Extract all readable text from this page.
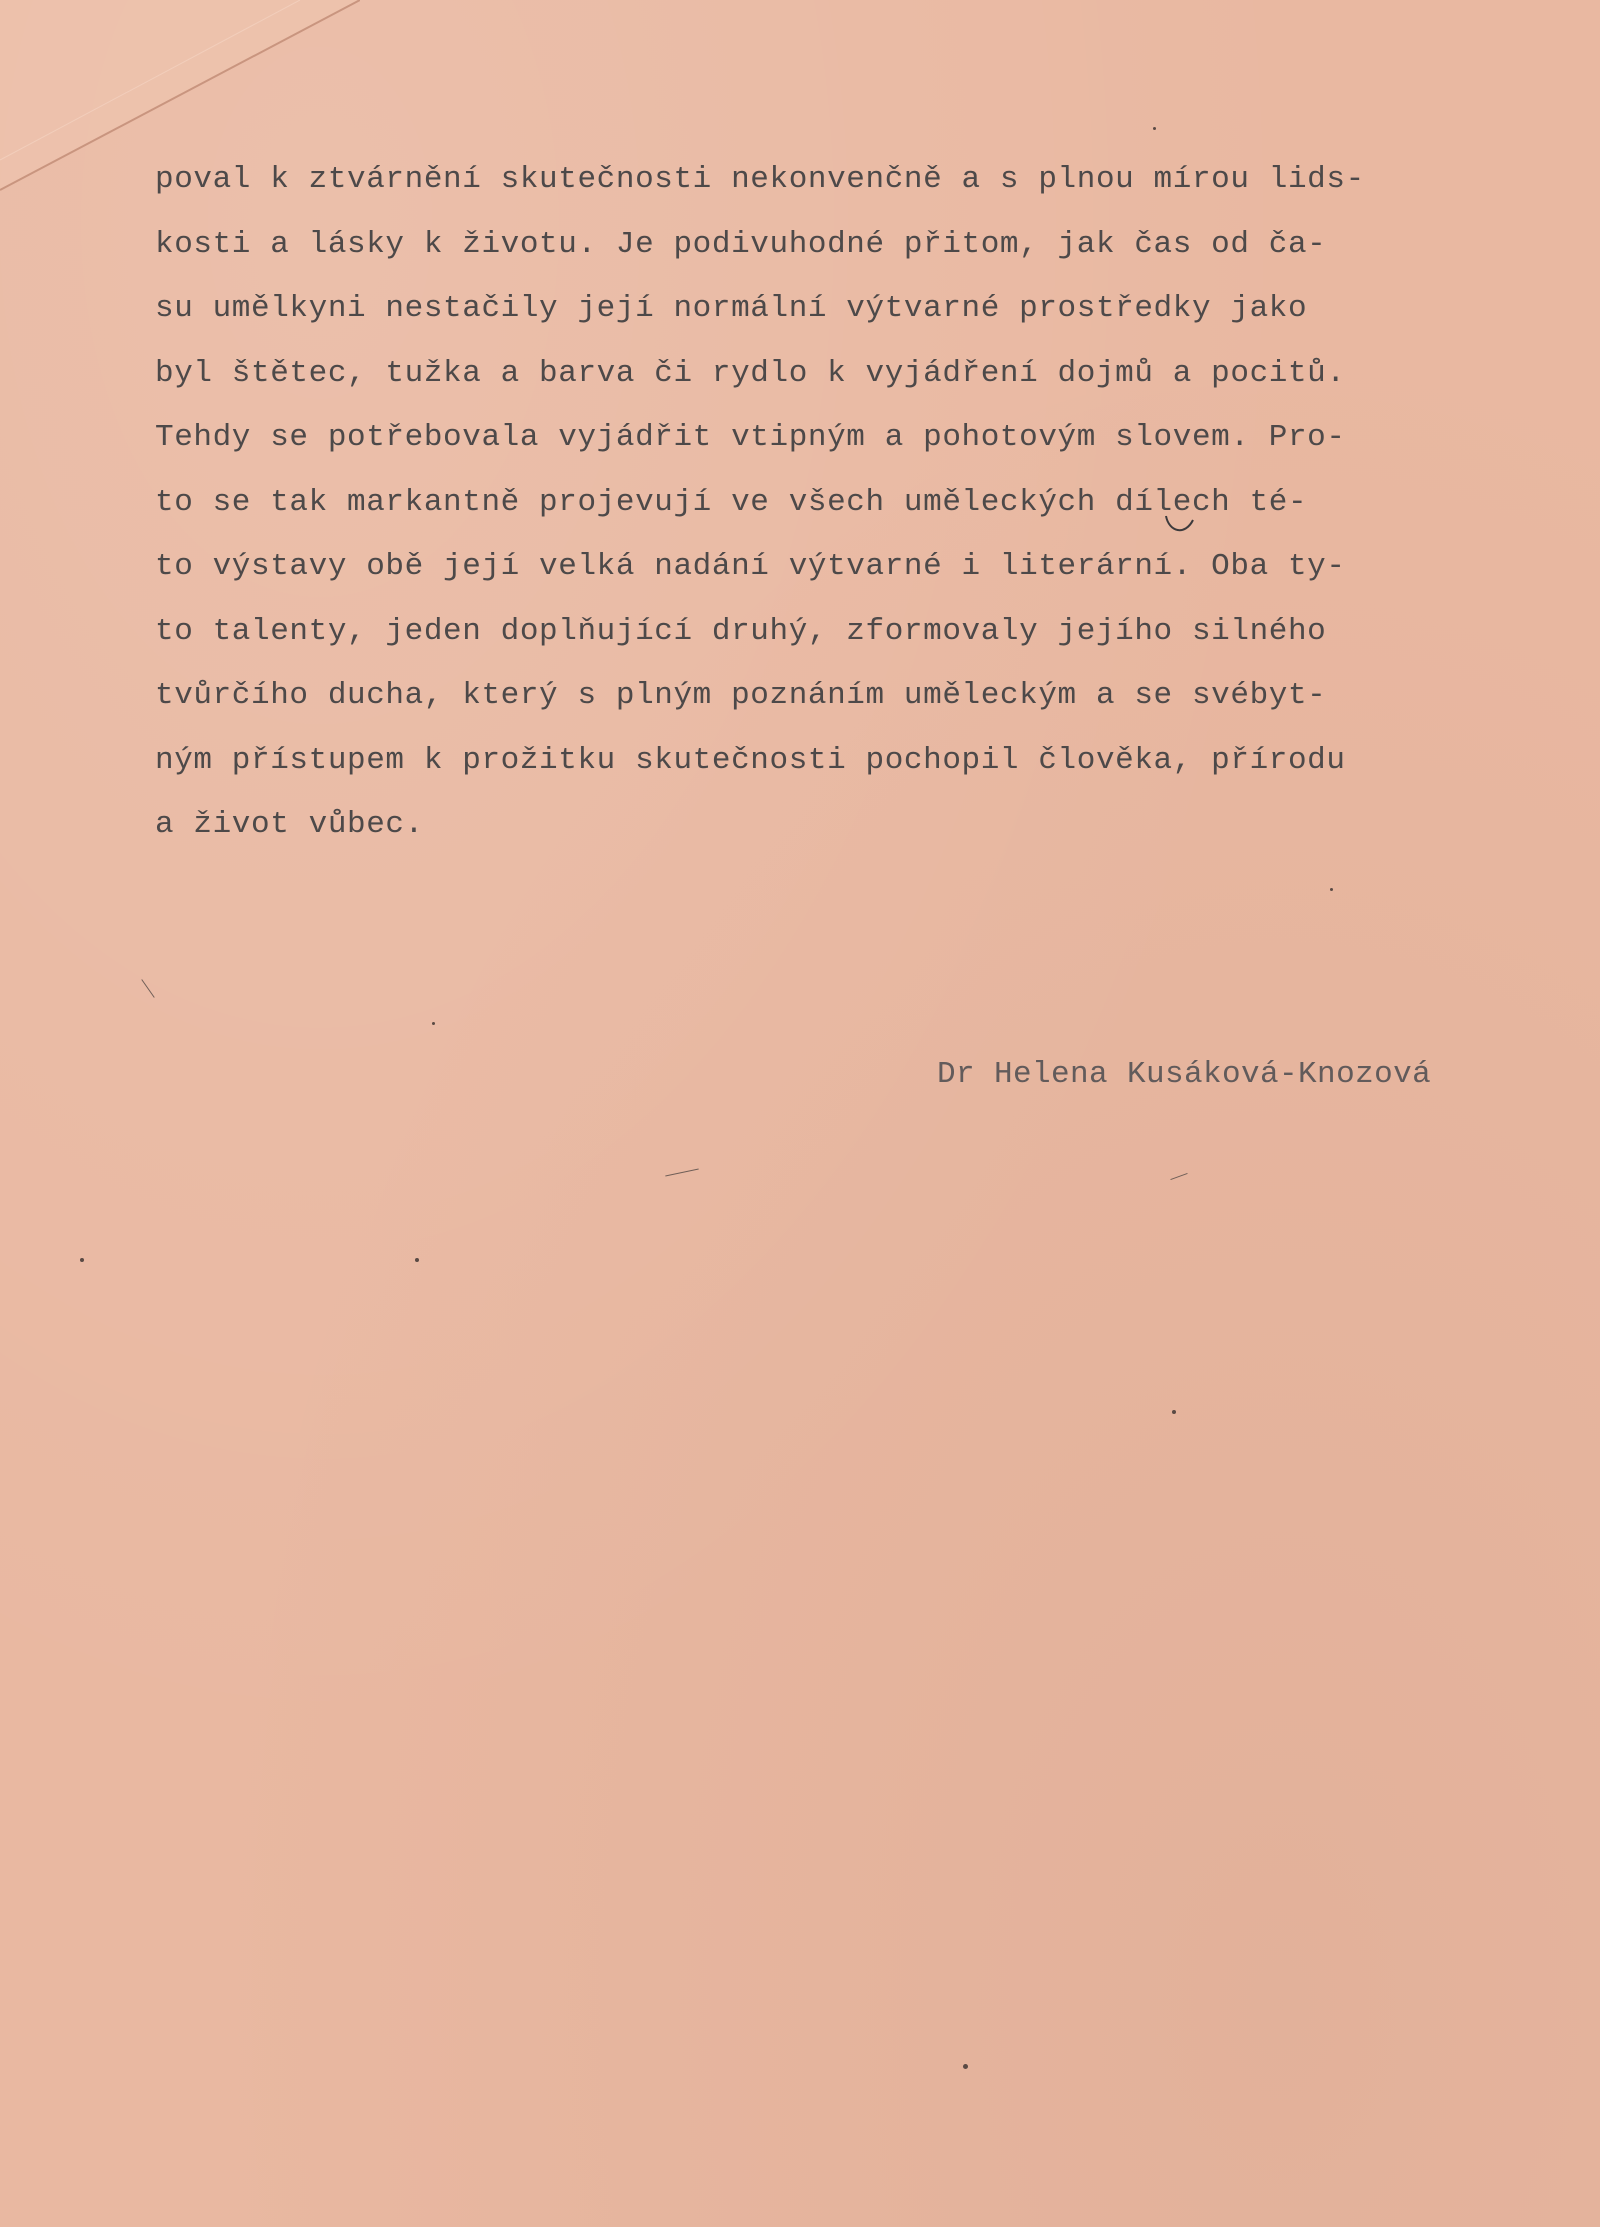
poval k ztvárnění skutečnosti nekonvenčně a s plnou mírou lids-
kosti a lásky k životu. Je podivuhodné přitom, jak čas od ča-
su umělkyni nestačily její normální výtvarné prostředky jako
byl štětec, tužka a barva či rydlo k vyjádření dojmů a pocitů.
Tehdy se potřebovala vyjádřit vtipným a pohotovým slovem. Pro-
to se tak markantně projevují ve všech uměleckých dílech té-
to výstavy obě její velká nadání výtvarné i literární. Oba ty-
to talenty, jeden doplňující druhý, zformovaly jejího silného
tvůrčího ducha, který s plným poznáním uměleckým a se svébyt-
ným přístupem k prožitku skutečnosti pochopil člověka, přírodu
a život vůbec.
Dr Helena Kusáková-Knozová
